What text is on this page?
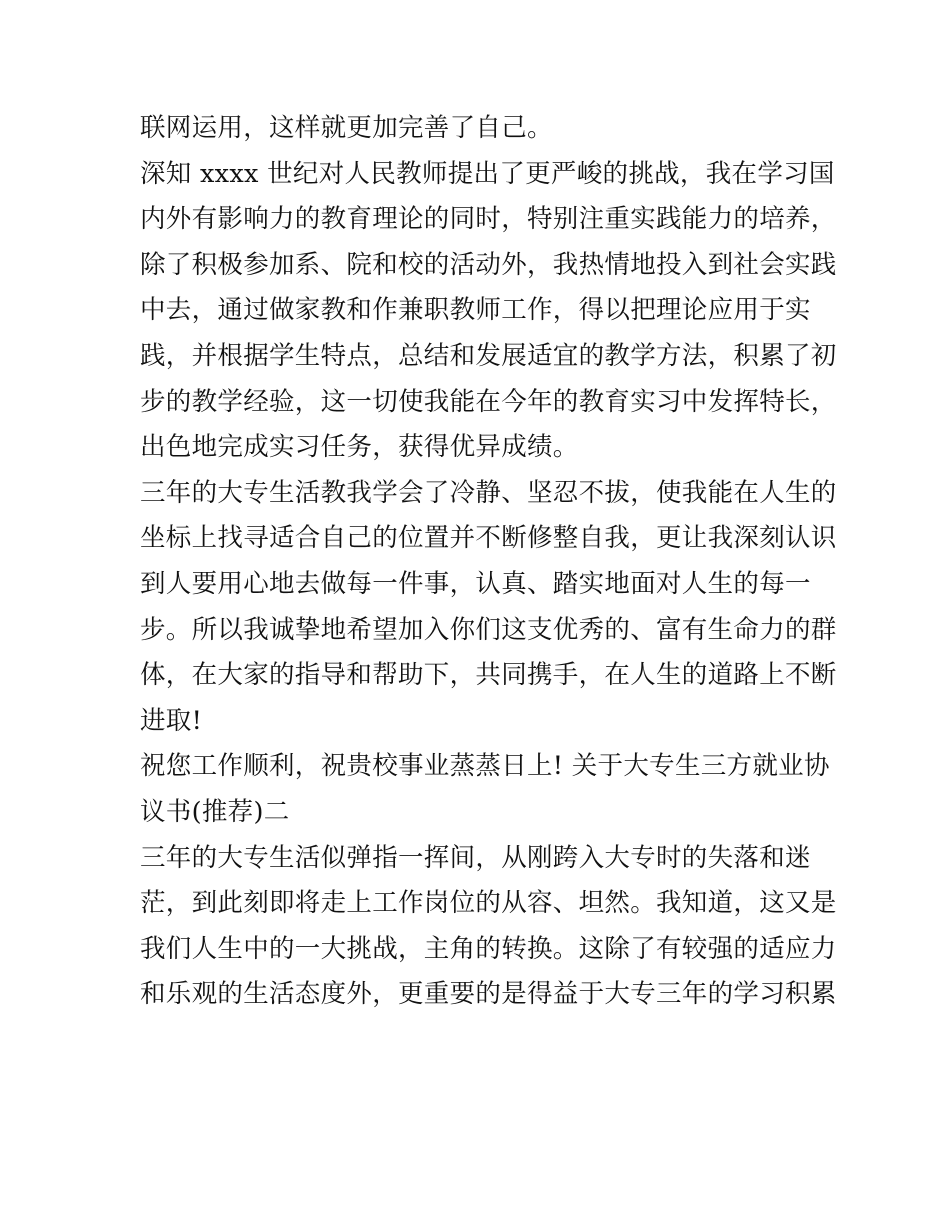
联网运用，这样就更加完善了自己。
深知 xxxx 世纪对人民教师提出了更严峻的挑战，我在学习国
内外有影响力的教育理论的同时，特别注重实践能力的培养，
除了积极参加系、院和校的活动外，我热情地投入到社会实践
中去，通过做家教和作兼职教师工作，得以把理论应用于实
践，并根据学生特点，总结和发展适宜的教学方法，积累了初
步的教学经验，这一切使我能在今年的教育实习中发挥特长，
出色地完成实习任务，获得优异成绩。
三年的大专生活教我学会了冷静、坚忍不拔，使我能在人生的
坐标上找寻适合自己的位置并不断修整自我，更让我深刻认识
到人要用心地去做每一件事，认真、踏实地面对人生的每一
步。所以我诚挚地希望加入你们这支优秀的、富有生命力的群
体，在大家的指导和帮助下，共同携手，在人生的道路上不断
进取!
祝您工作顺利，祝贵校事业蒸蒸日上! 关于大专生三方就业协
议书(推荐)二
三年的大专生活似弹指一挥间，从刚跨入大专时的失落和迷
茫，到此刻即将走上工作岗位的从容、坦然。我知道，这又是
我们人生中的一大挑战，主角的转换。这除了有较强的适应力
和乐观的生活态度外，更重要的是得益于大专三年的学习积累
